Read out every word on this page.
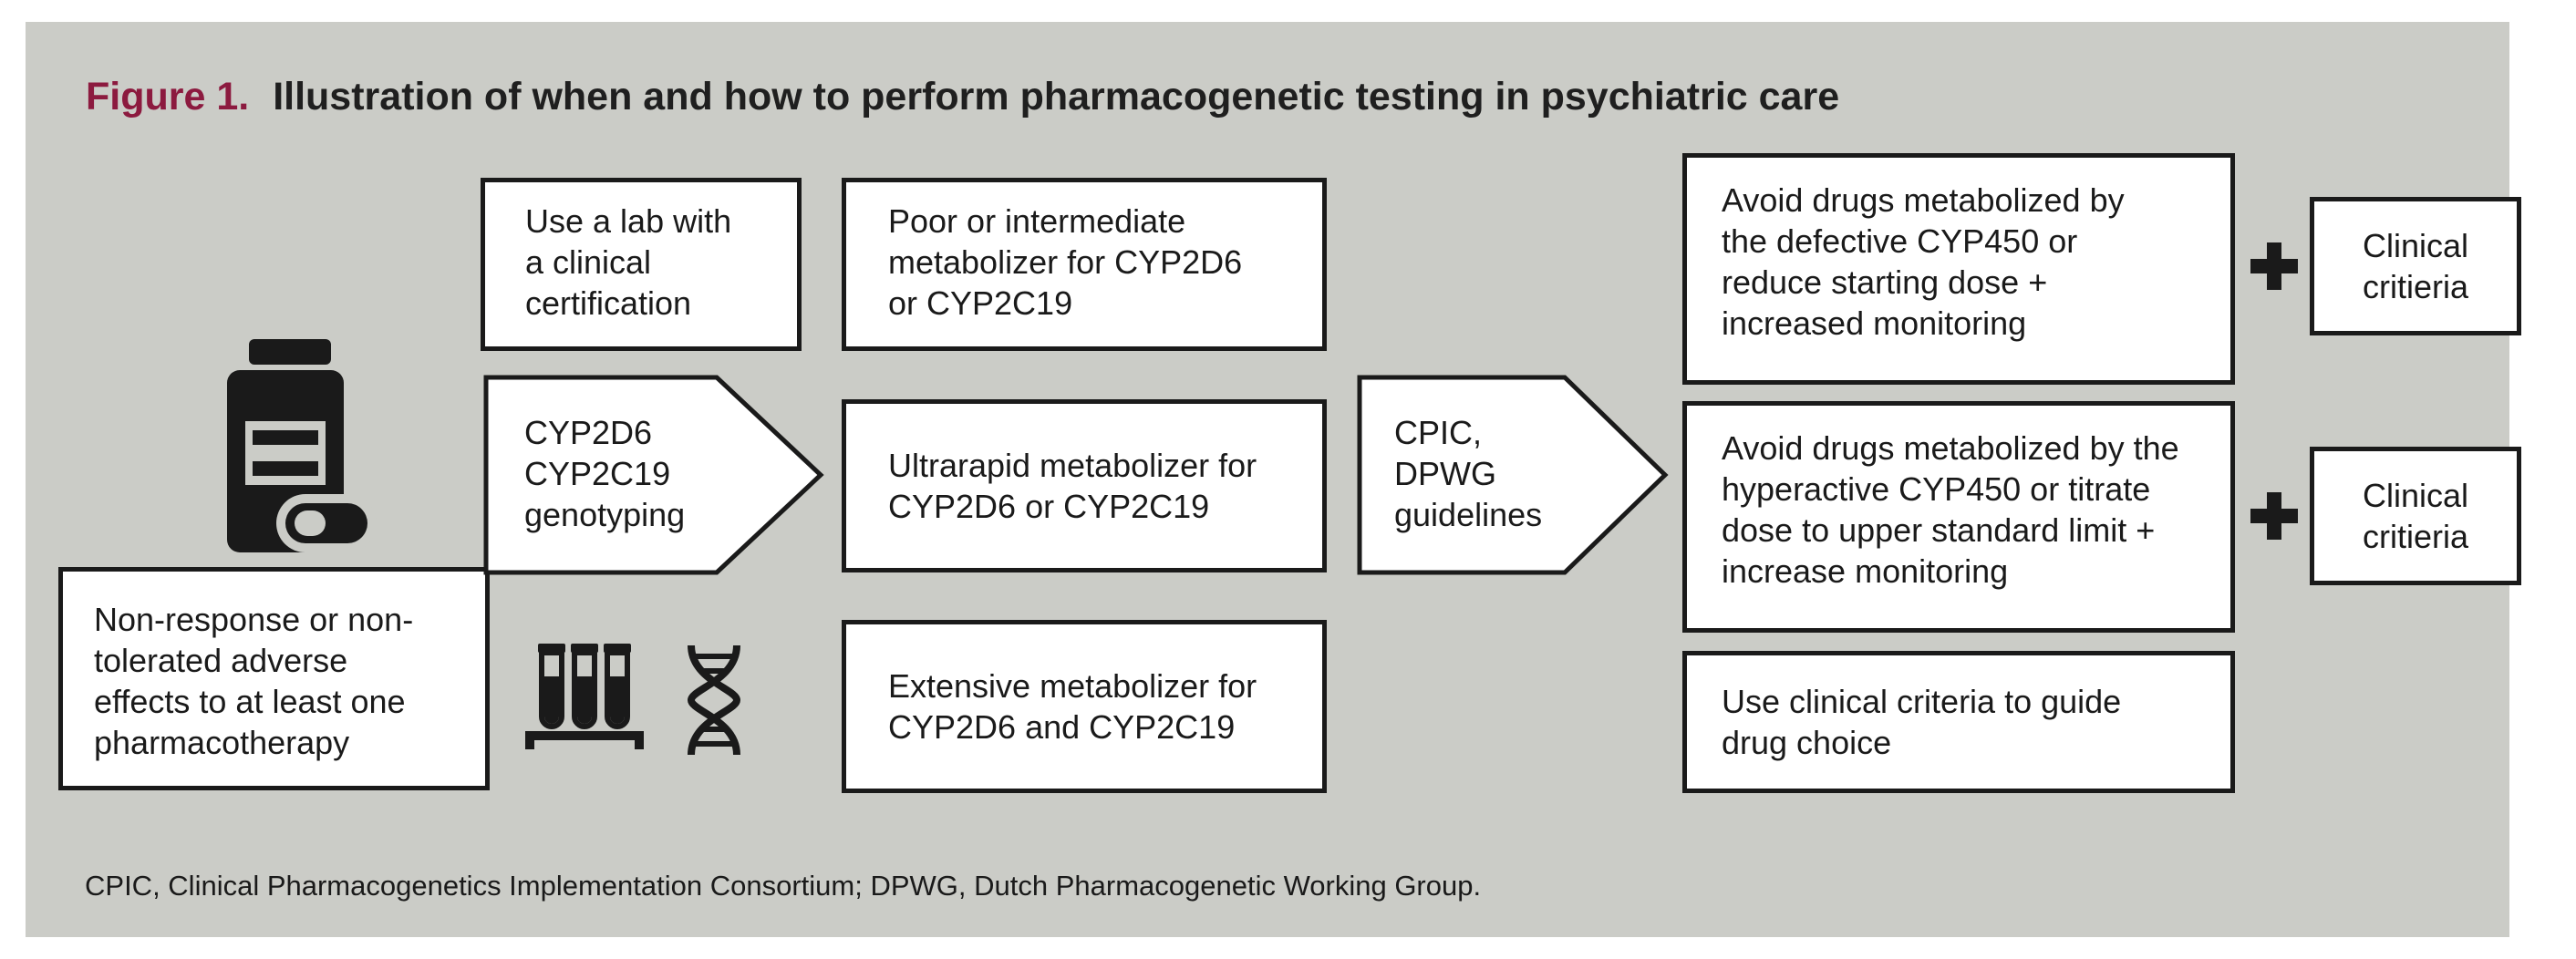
Figure 1. Illustration of when and how to perform pharmacogenetic testing in psychiatric care
Non-response or non-
tolerated adverse
effects to at least one
pharmacotherapy
Use a lab with
a clinical
certification
CYP2D6
CYP2C19
genotyping
Poor or intermediate
metabolizer for CYP2D6
or CYP2C19
Ultrarapid metabolizer for
CYP2D6 or CYP2C19
Extensive metabolizer for
CYP2D6 and CYP2C19
CPIC,
DPWG
guidelines
Avoid drugs metabolized by
the defective CYP450 or
reduce starting dose +
increased monitoring
Avoid drugs metabolized by the
hyperactive CYP450 or titrate
dose to upper standard limit +
increase monitoring
Use clinical criteria to guide
drug choice
Clinical
critieria
Clinical
critieria
CPIC, Clinical Pharmacogenetics Implementation Consortium; DPWG, Dutch Pharmacogenetic Working Group.
